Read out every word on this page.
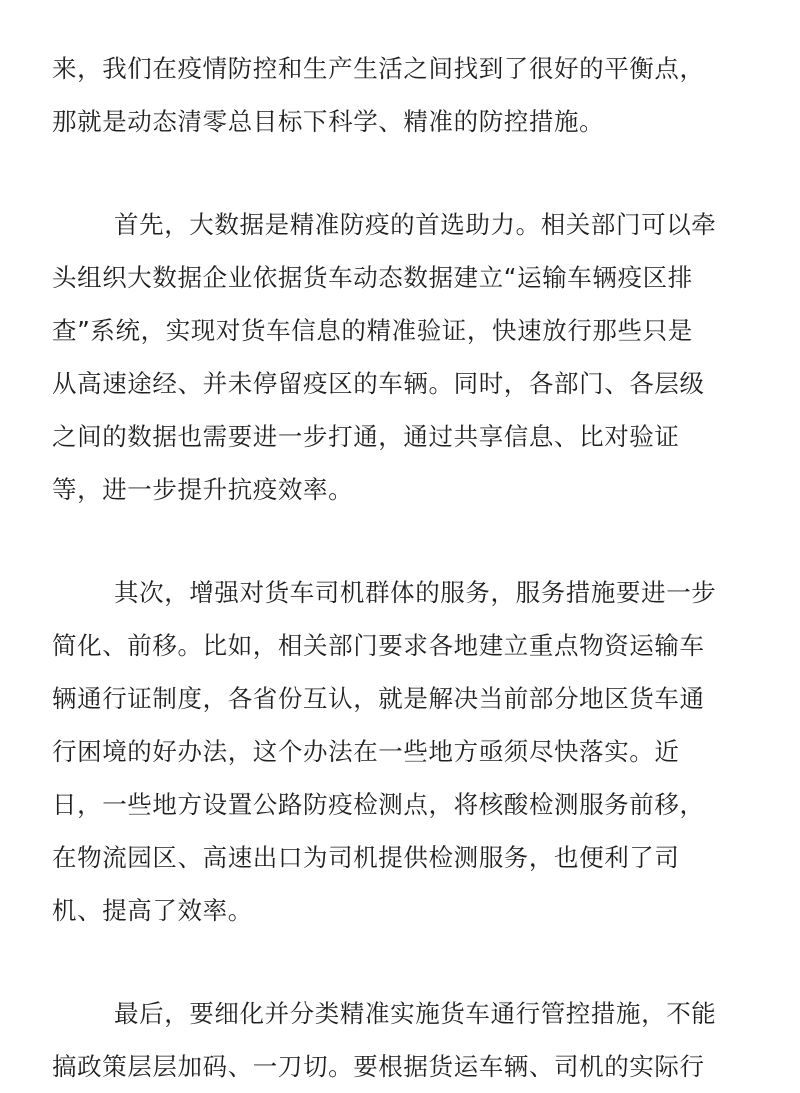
来，我们在疫情防控和生产生活之间找到了很好的平衡点，
那就是动态清零总目标下科学、精准的防控措施。
首先，大数据是精准防疫的首选助力。相关部门可以牵
头组织大数据企业依据货车动态数据建立“运输车辆疫区排
查”系统，实现对货车信息的精准验证，快速放行那些只是
从高速途经、并未停留疫区的车辆。同时，各部门、各层级
之间的数据也需要进一步打通，通过共享信息、比对验证
等，进一步提升抗疫效率。
其次，增强对货车司机群体的服务，服务措施要进一步
简化、前移。比如，相关部门要求各地建立重点物资运输车
辆通行证制度，各省份互认，就是解决当前部分地区货车通
行困境的好办法，这个办法在一些地方亟须尽快落实。近
日，一些地方设置公路防疫检测点，将核酸检测服务前移，
在物流园区、高速出口为司机提供检测服务，也便利了司
机、提高了效率。
最后，要细化并分类精准实施货车通行管控措施，不能
搞政策层层加码、一刀切。要根据货运车辆、司机的实际行
